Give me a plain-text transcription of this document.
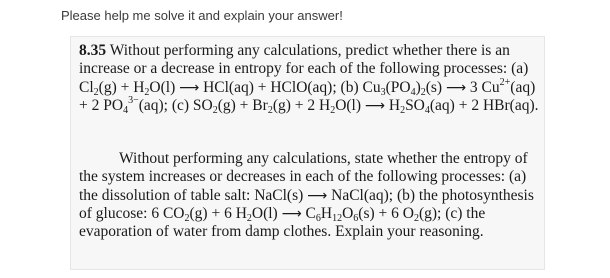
Please help me solve it and explain your answer!

8.35 Without performing any calculations, predict whether there is an increase or a decrease in entropy for each of the following processes: (a) $Cl_2(g) + H_2O(l)$ ⟶ HCl(aq) + HClO(aq); (b) $Cu_3(PO_4)_2(s)$ ⟶ 3 $Cu^{2+}(aq) + 2$ $PO_4^{3-}(aq)$; (c) $SO_2(g) + Br_2(g) + 2$ $H_2O(l)$ ⟶ $H_2SO_4(aq) + 2$ HBr(aq).

Without performing any calculations, state whether the entropy of the system increases or decreases in each of the following processes: (a) the dissolution of table salt: NaCl(s) ⟶ NaCl(aq); (b) the photosynthesis of glucose: 6 $CO_2(g) + 6$ $H_2O(l)$ ⟶ $C_6H_{12}O_6(s) + 6$ $O_2(g)$; (c) the evaporation of water from damp clothes. Explain your reasoning.
